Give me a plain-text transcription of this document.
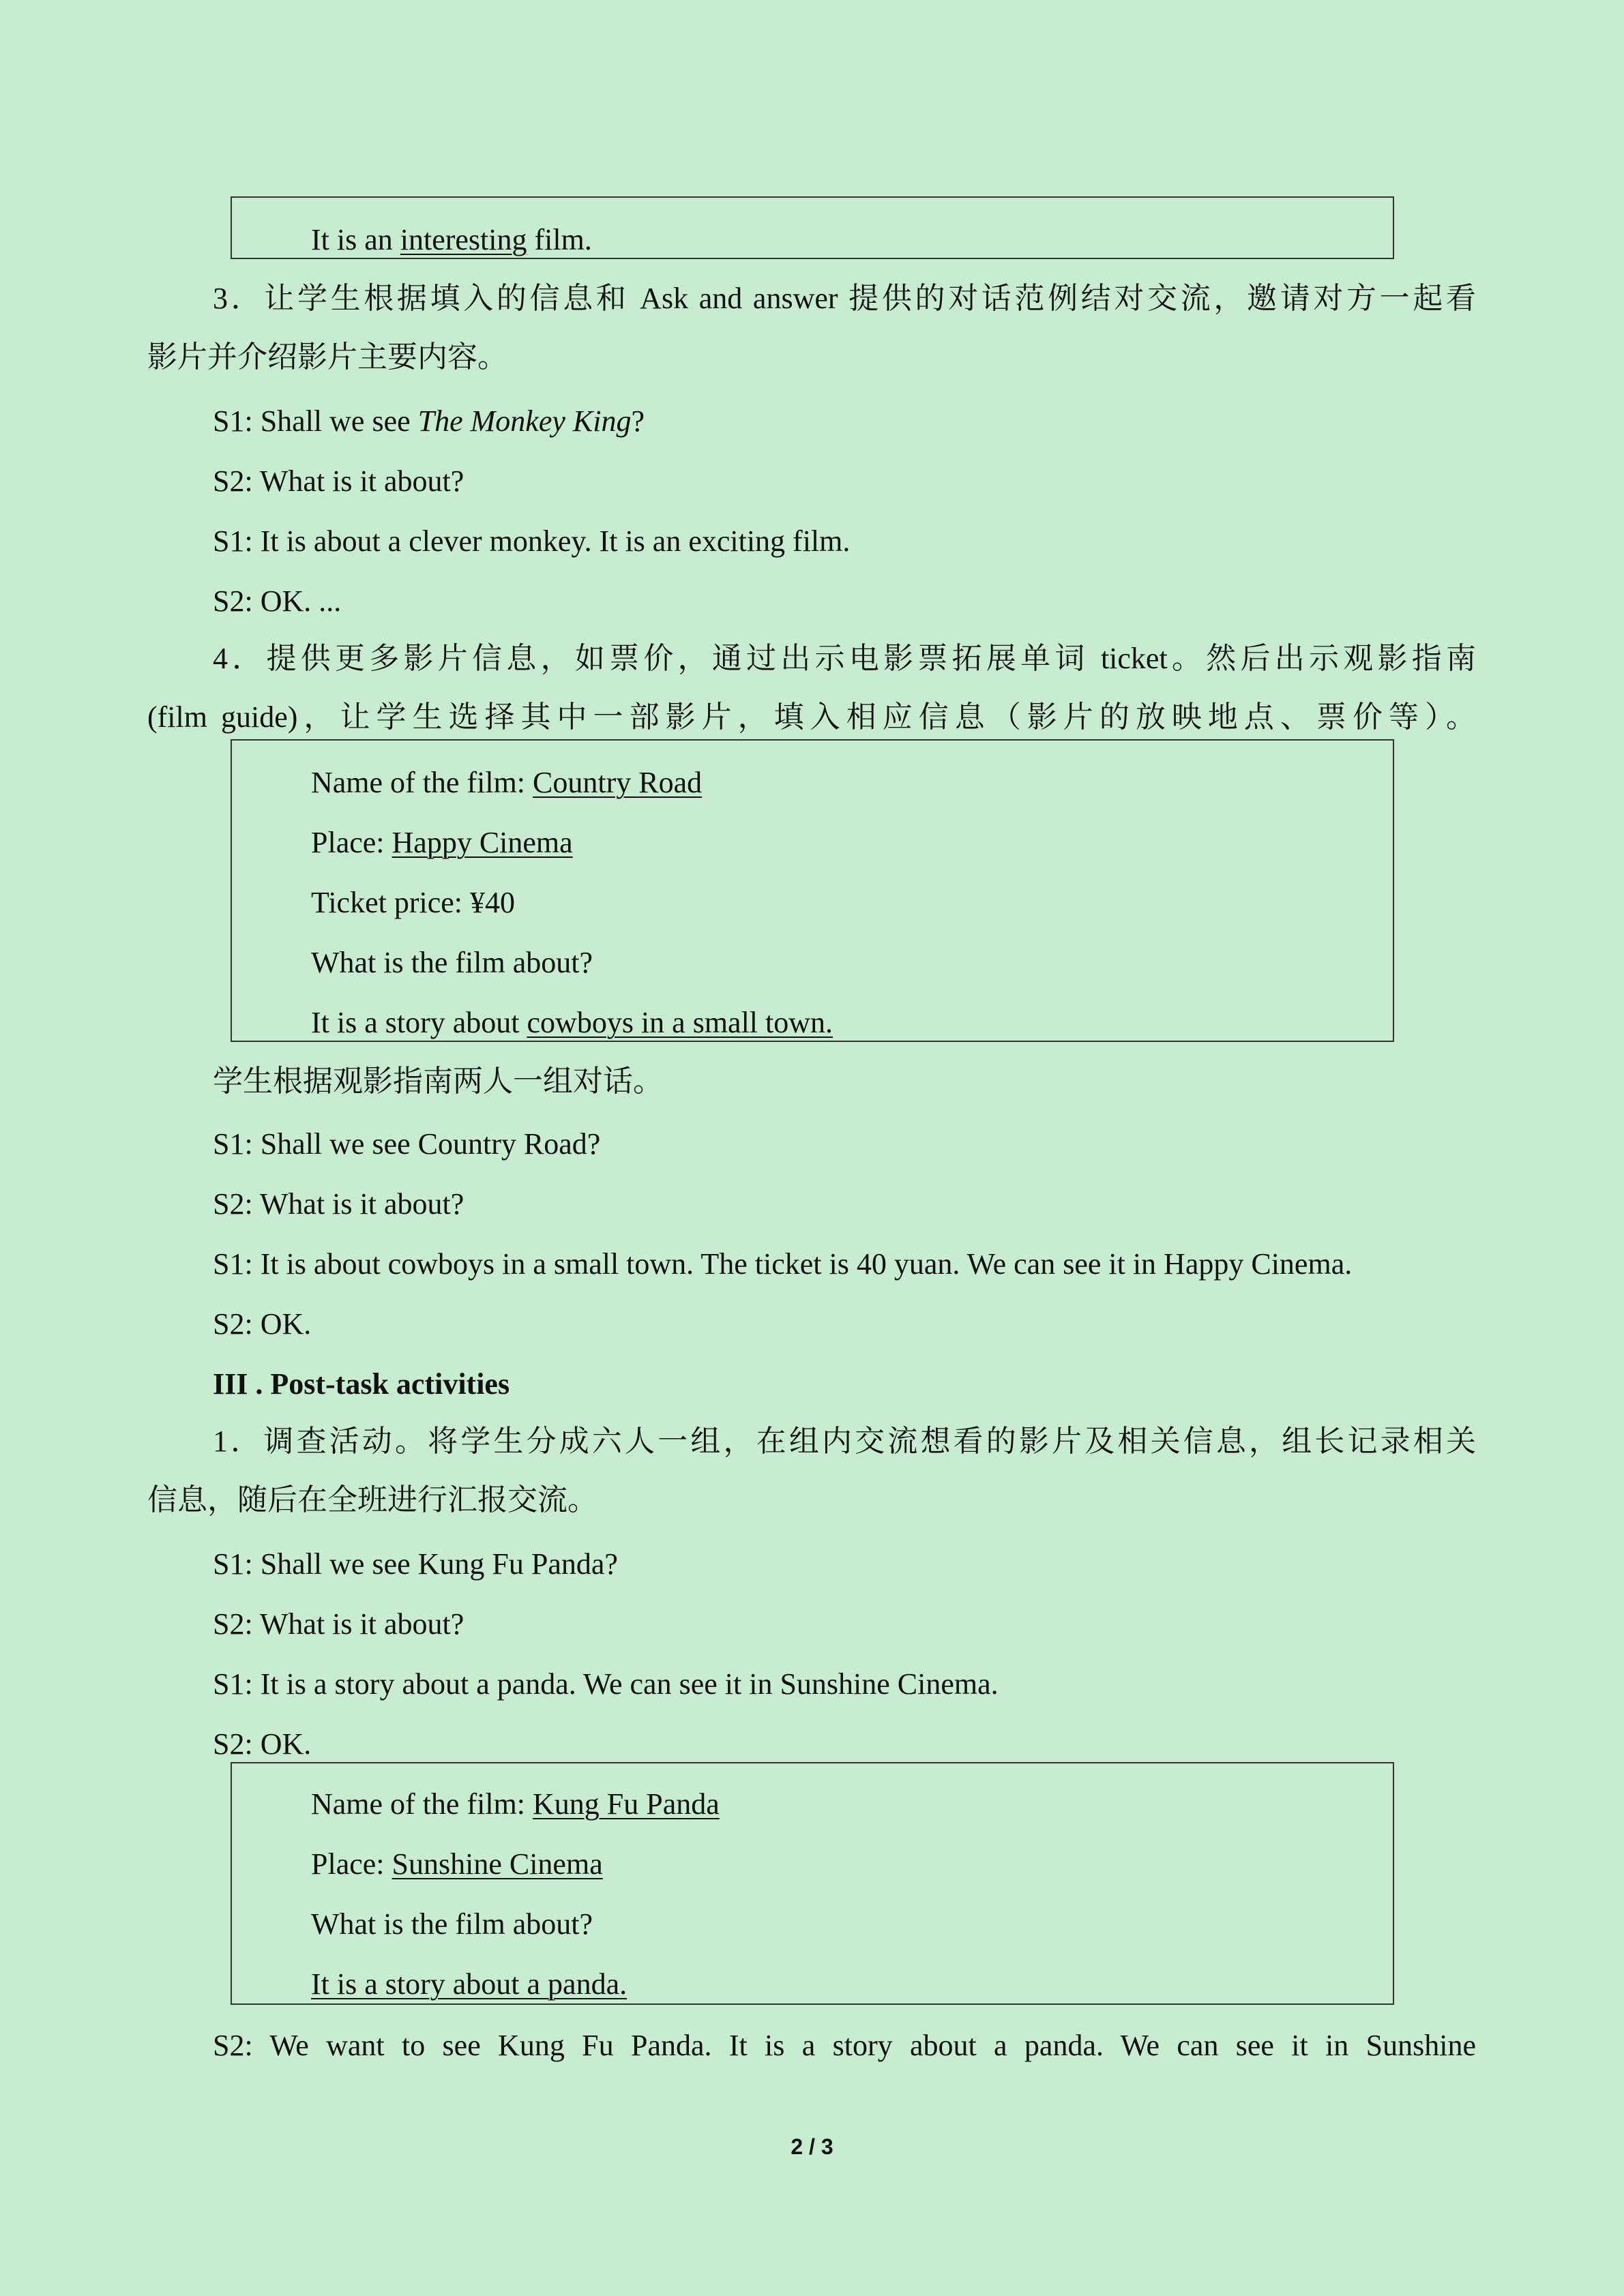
It is an interesting film.
3．让学生根据填入的信息和 Ask and answer 提供的对话范例结对交流，邀请对方一起看
影片并介绍影片主要内容。
S1: Shall we see The Monkey King?
S2: What is it about?
S1: It is about a clever monkey. It is an exciting film.
S2: OK. ...
4．提供更多影片信息，如票价，通过出示电影票拓展单词 ticket。然后出示观影指南
(film guide)，让学生选择其中一部影片，填入相应信息（影片的放映地点、票价等）。
Name of the film: Country Road
Place: Happy Cinema
Ticket price: ¥40
What is the film about?
It is a story about cowboys in a small town.
学生根据观影指南两人一组对话。
S1: Shall we see Country Road?
S2: What is it about?
S1: It is about cowboys in a small town. The ticket is 40 yuan. We can see it in Happy Cinema.
S2: OK.
III . Post-task activities
1．调查活动。将学生分成六人一组，在组内交流想看的影片及相关信息，组长记录相关
信息，随后在全班进行汇报交流。
S1: Shall we see Kung Fu Panda?
S2: What is it about?
S1: It is a story about a panda. We can see it in Sunshine Cinema.
S2: OK.
Name of the film: Kung Fu Panda
Place: Sunshine Cinema
What is the film about?
It is a story about a panda.
S2: We want to see Kung Fu Panda. It is a story about a panda. We can see it in Sunshine
2 / 3
